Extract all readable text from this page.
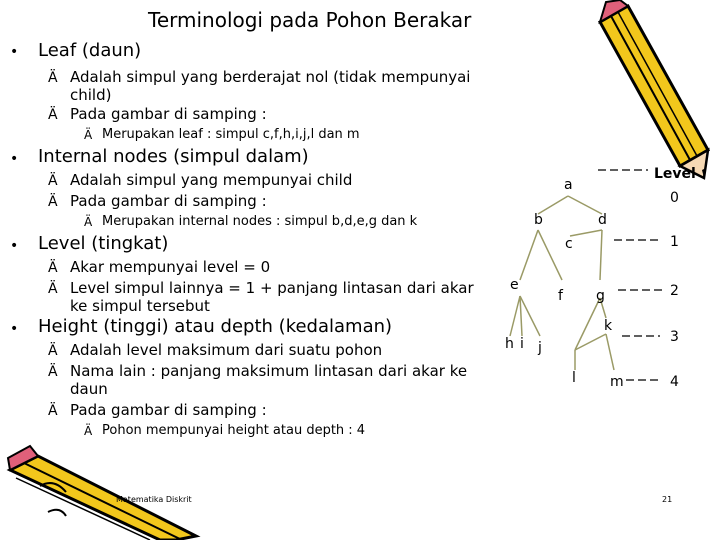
Terminologi pada Pohon Berakar
• Leaf (daun)
Ä Adalah simpul yang berderajat nol (tidak mempunyai
child)
Ä Pada gambar di samping :
Ä Merupakan leaf : simpul c,f,h,i,j,l dan m
• Internal nodes (simpul dalam)
Ä Adalah simpul yang mempunyai child
Ä Pada gambar di samping :
Ä Merupakan internal nodes : simpul b,d,e,g dan k
• Level (tingkat)
Ä Akar mempunyai level = 0
Ä Level simpul lainnya = 1 + panjang lintasan dari akar
ke simpul tersebut
• Height (tinggi) atau depth (kedalaman)
Ä Adalah level maksimum dari suatu pohon
Ä Nama lain : panjang maksimum lintasan dari akar ke
daun
Ä Pada gambar di samping :
Ä Pohon mempunyai height atau depth : 4
Level
0
1
2
3
4
a
b
c
d
e
f g
h i j
k
l m
Matematika Diskrit	21
